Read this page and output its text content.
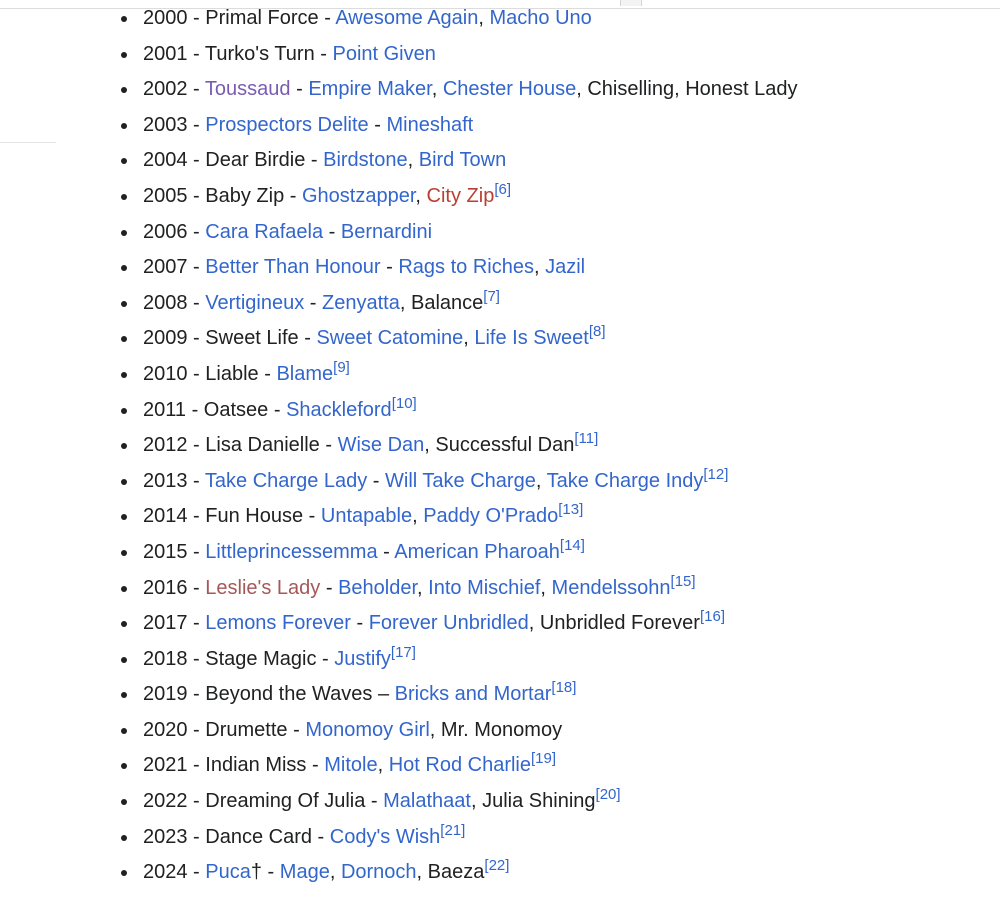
2000 - Primal Force - Awesome Again, Macho Uno
2001 - Turko's Turn - Point Given
2002 - Toussaud - Empire Maker, Chester House, Chiselling, Honest Lady
2003 - Prospectors Delite - Mineshaft
2004 - Dear Birdie - Birdstone, Bird Town
2005 - Baby Zip - Ghostzapper, City Zip[6]
2006 - Cara Rafaela - Bernardini
2007 - Better Than Honour - Rags to Riches, Jazil
2008 - Vertigineux - Zenyatta, Balance[7]
2009 - Sweet Life - Sweet Catomine, Life Is Sweet[8]
2010 - Liable - Blame[9]
2011 - Oatsee - Shackleford[10]
2012 - Lisa Danielle - Wise Dan, Successful Dan[11]
2013 - Take Charge Lady - Will Take Charge, Take Charge Indy[12]
2014 - Fun House - Untapable, Paddy O'Prado[13]
2015 - Littleprincessemma - American Pharoah[14]
2016 - Leslie's Lady - Beholder, Into Mischief, Mendelssohn[15]
2017 - Lemons Forever - Forever Unbridled, Unbridled Forever[16]
2018 - Stage Magic - Justify[17]
2019 - Beyond the Waves – Bricks and Mortar[18]
2020 - Drumette - Monomoy Girl, Mr. Monomoy
2021 - Indian Miss - Mitole, Hot Rod Charlie[19]
2022 - Dreaming Of Julia - Malathaat, Julia Shining[20]
2023 - Dance Card - Cody's Wish[21]
2024 - Puca† - Mage, Dornoch, Baeza[22]
